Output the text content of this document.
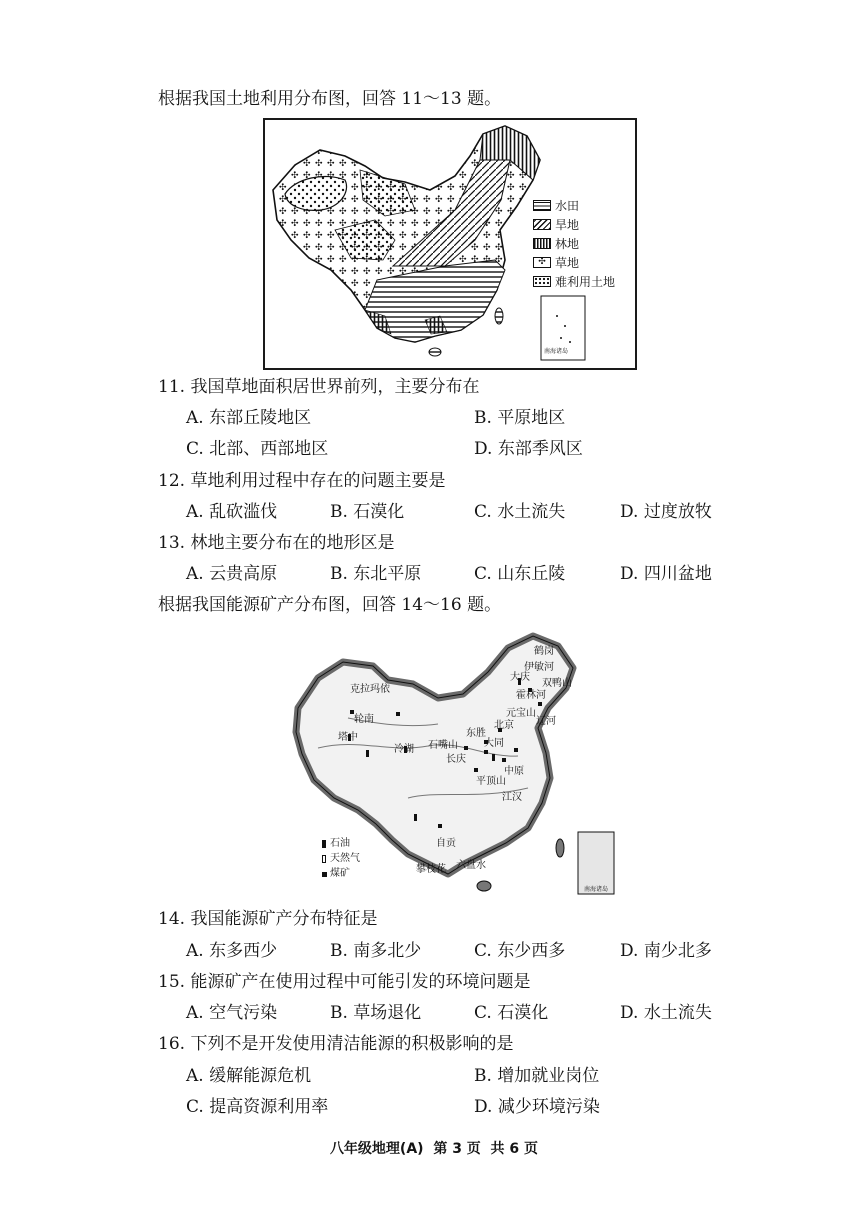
根据我国土地利用分布图，回答 11～13 题。
南海诸岛
水田
旱地
林地
✣ 草地
难利用土地
11. 我国草地面积居世界前列，主要分布在
A. 东部丘陵地区	B. 平原地区
C. 北部、西部地区	D. 东部季风区
12. 草地利用过程中存在的问题主要是
A. 乱砍滥伐	B. 石漠化	C. 水土流失	D. 过度放牧
13. 林地主要分布在的地形区是
A. 云贵高原	B. 东北平原	C. 山东丘陵	D. 四川盆地
根据我国能源矿产分布图，回答 14～16 题。
克拉玛依
轮南
塔中
冷湖
鹤岗
伊敏河
大庆
双鸭山
霍林河
元宝山
辽河
东胜
北京
石嘴山	大同
长庆
平顶山
中原
自贡
六盘水
攀枝花
江汉
南海诸岛
石油
天然气
煤矿
14. 我国能源矿产分布特征是
A. 东多西少	B. 南多北少	C. 东少西多	D. 南少北多
15. 能源矿产在使用过程中可能引发的环境问题是
A. 空气污染	B. 草场退化	C. 石漠化	D. 水土流失
16. 下列不是开发使用清洁能源的积极影响的是
A. 缓解能源危机	B. 增加就业岗位
C. 提高资源利用率	D. 减少环境污染
八年级地理(A)  第 3 页  共 6 页
